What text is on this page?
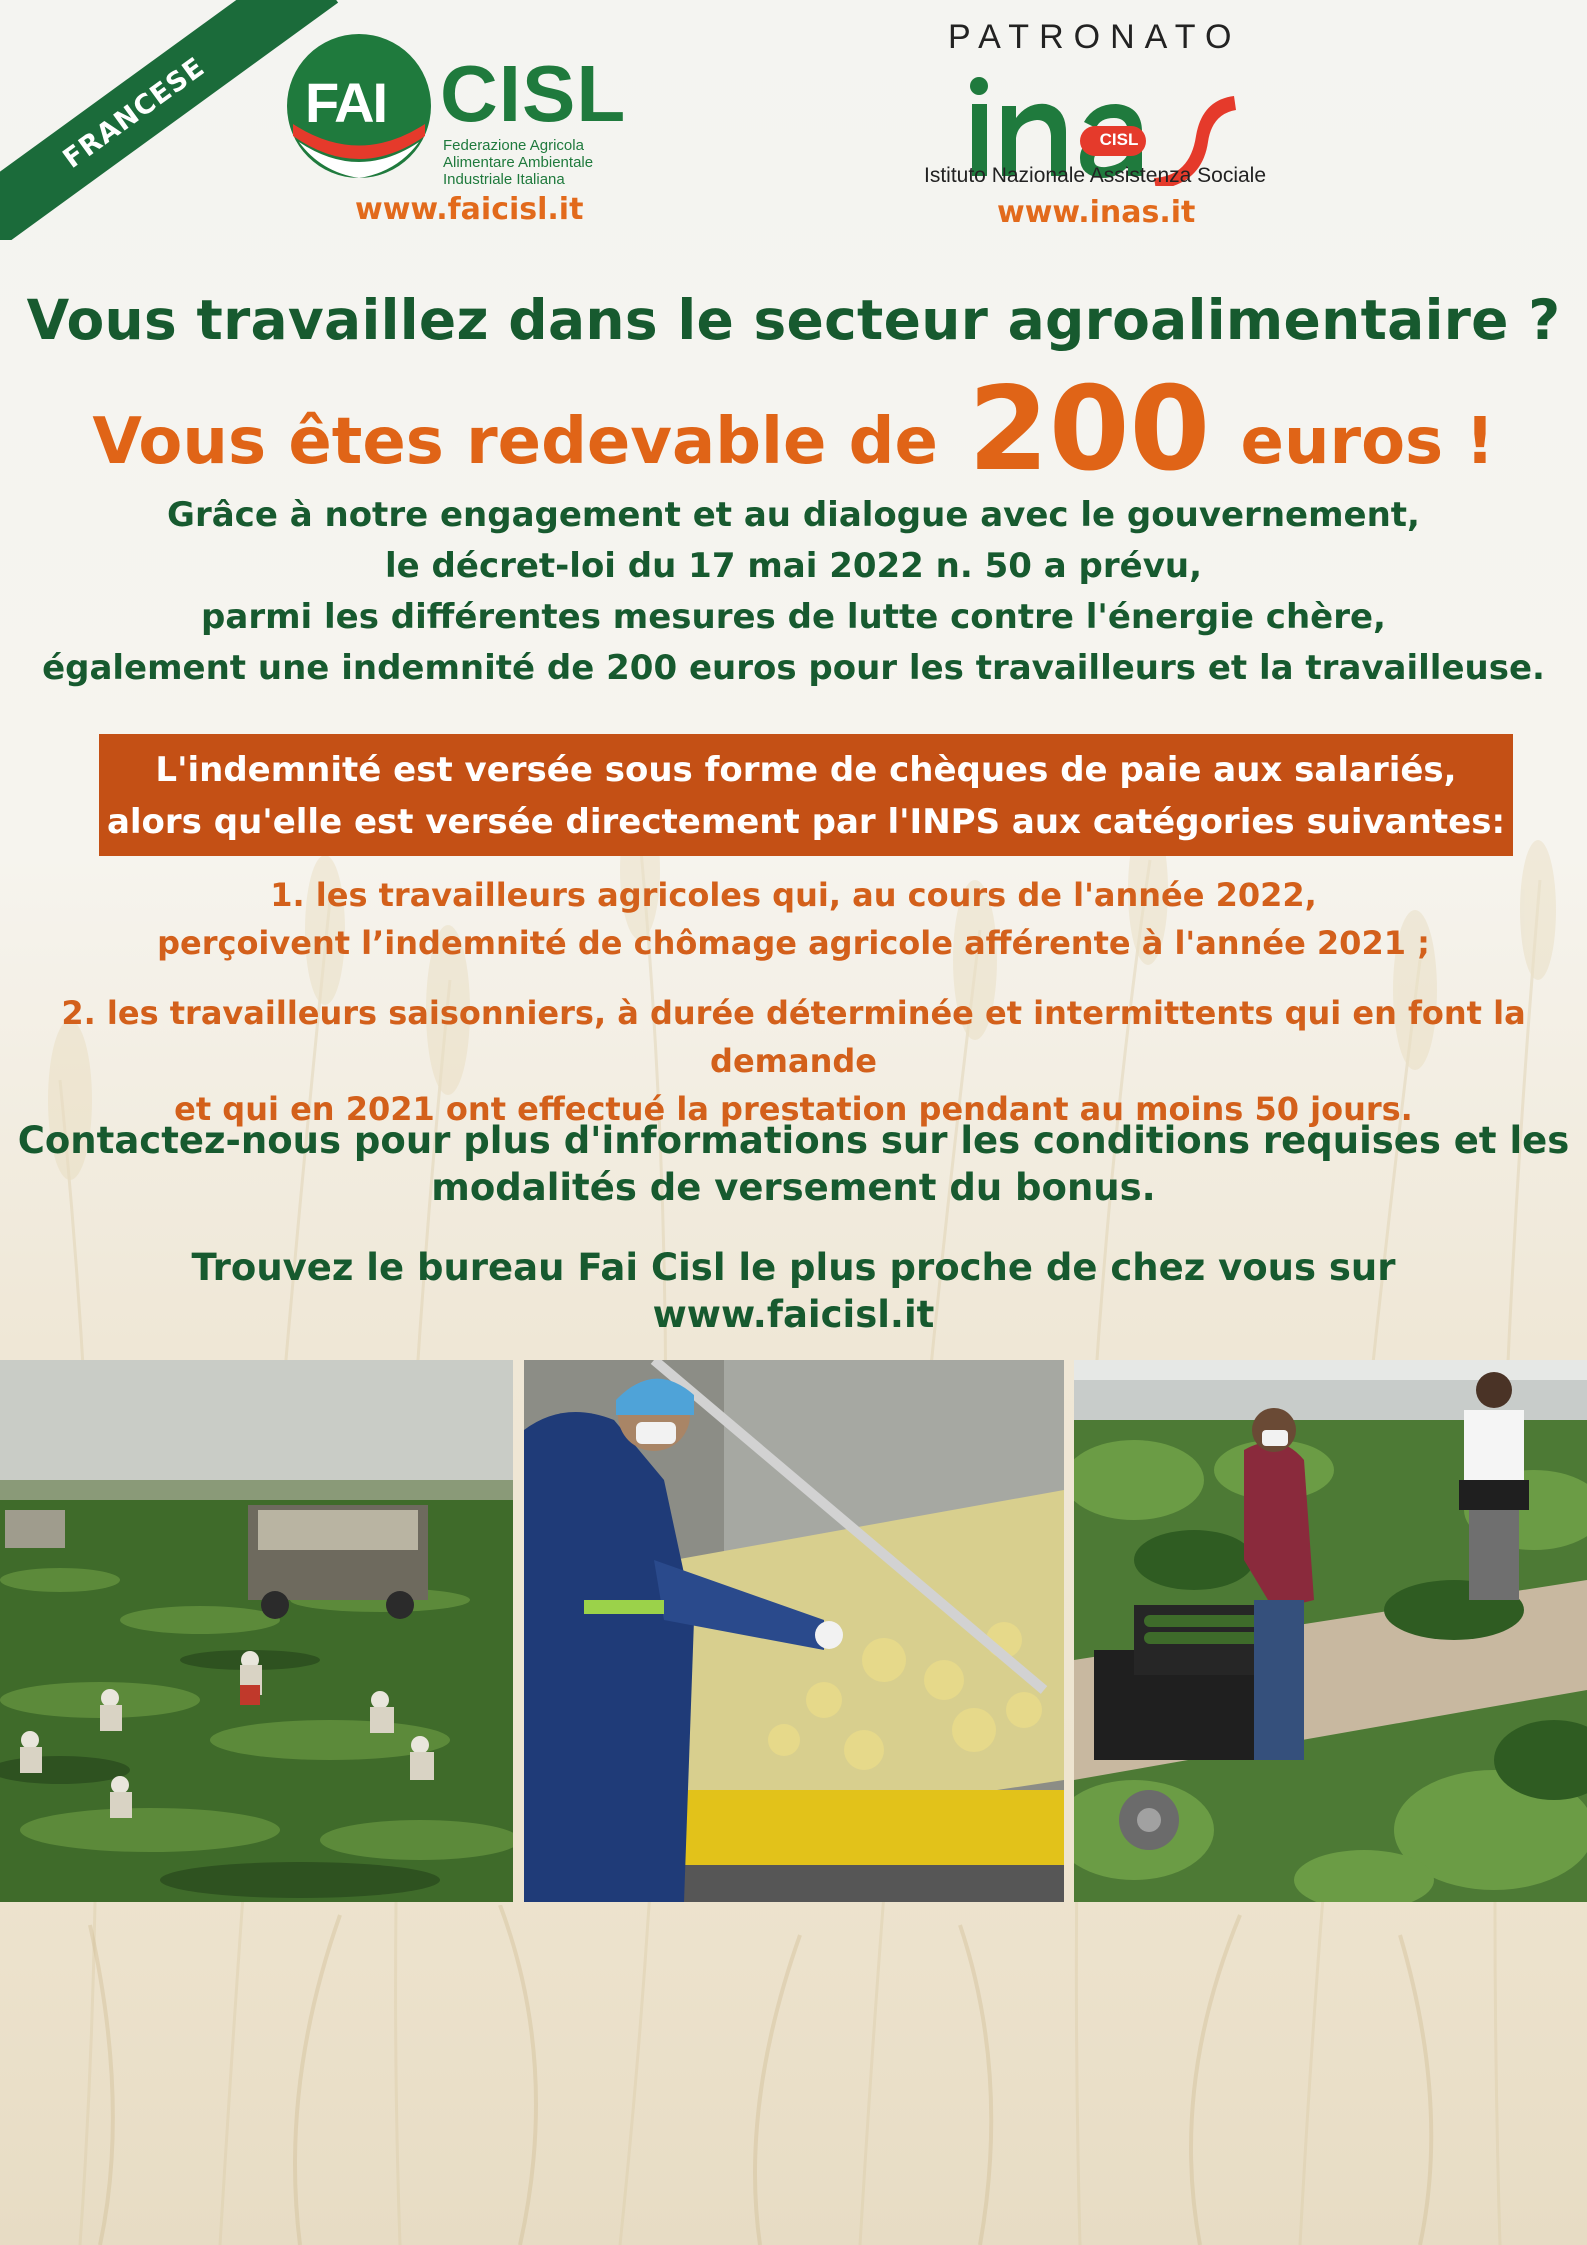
FRANCESE FAI CISL
Federazione Agricola
Alimentare Ambientale
Industriale Italiana
www.faicisl.it
PATRONATO
CISL
Istituto Nazionale Assistenza Sociale
www.inas.it
Vous travaillez dans le secteur agroalimentaire ?
Vous êtes redevable de 200 euros !
Grâce à notre engagement et au dialogue avec le gouvernement,
le décret-loi du 17 mai 2022 n. 50 a prévu,
parmi les différentes mesures de lutte contre l'énergie chère,
également une indemnité de 200 euros pour les travailleurs et la travailleuse.
L'indemnité est versée sous forme de chèques de paie aux salariés,
alors qu'elle est versée directement par l'INPS aux catégories suivantes:
1. les travailleurs agricoles qui, au cours de l'année 2022,
perçoivent l’indemnité de chômage agricole afférente à l'année 2021 ;
2. les travailleurs saisonniers, à durée déterminée et intermittents qui en font la demande
et qui en 2021 ont effectué la prestation pendant au moins 50 jours.
Contactez-nous pour plus d'informations sur les conditions requises et les
modalités de versement du bonus.
Trouvez le bureau Fai Cisl le plus proche de chez vous sur
www.faicisl.it
